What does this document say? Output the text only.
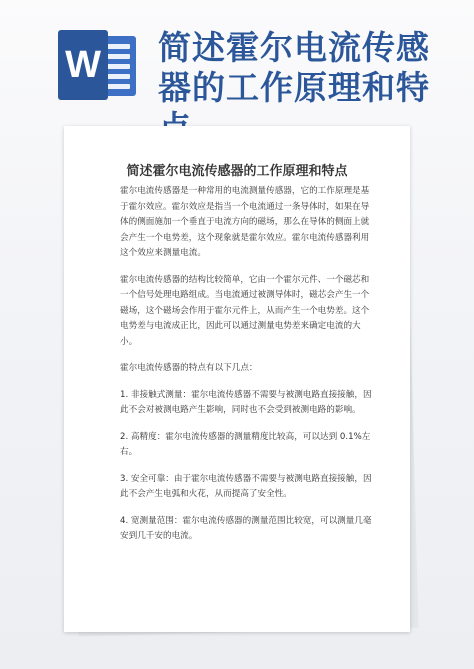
W 简述霍尔电流传感器的工作原理和特
简述霍尔电流传感器的工作原理和特点

霍尔电流传感器是一种常用的电流测量传感器，它的工作原理是基于霍尔效应。霍尔效应是指当一个电流通过一条导体时，如果在导体的侧面施加一个垂直于电流方向的磁场，那么在导体的侧面上就会产生一个电势差，这个现象就是霍尔效应。霍尔电流传感器利用这个效应来测量电流。

霍尔电流传感器的结构比较简单，它由一个霍尔元件、一个磁芯和一个信号处理电路组成。当电流通过被测导体时，磁芯会产生一个磁场，这个磁场会作用于霍尔元件上，从而产生一个电势差。这个电势差与电流成正比，因此可以通过测量电势差来确定电流的大小。

霍尔电流传感器的特点有以下几点：

1. 非接触式测量：霍尔电流传感器不需要与被测电路直接接触，因此不会对被测电路产生影响，同时也不会受到被测电路的影响。

2. 高精度：霍尔电流传感器的测量精度比较高，可以达到 0.1%左右。

3. 安全可靠：由于霍尔电流传感器不需要与被测电路直接接触，因此不会产生电弧和火花，从而提高了安全性。

4. 宽测量范围：霍尔电流传感器的测量范围比较宽，可以测量几毫安到几千安的电流。
